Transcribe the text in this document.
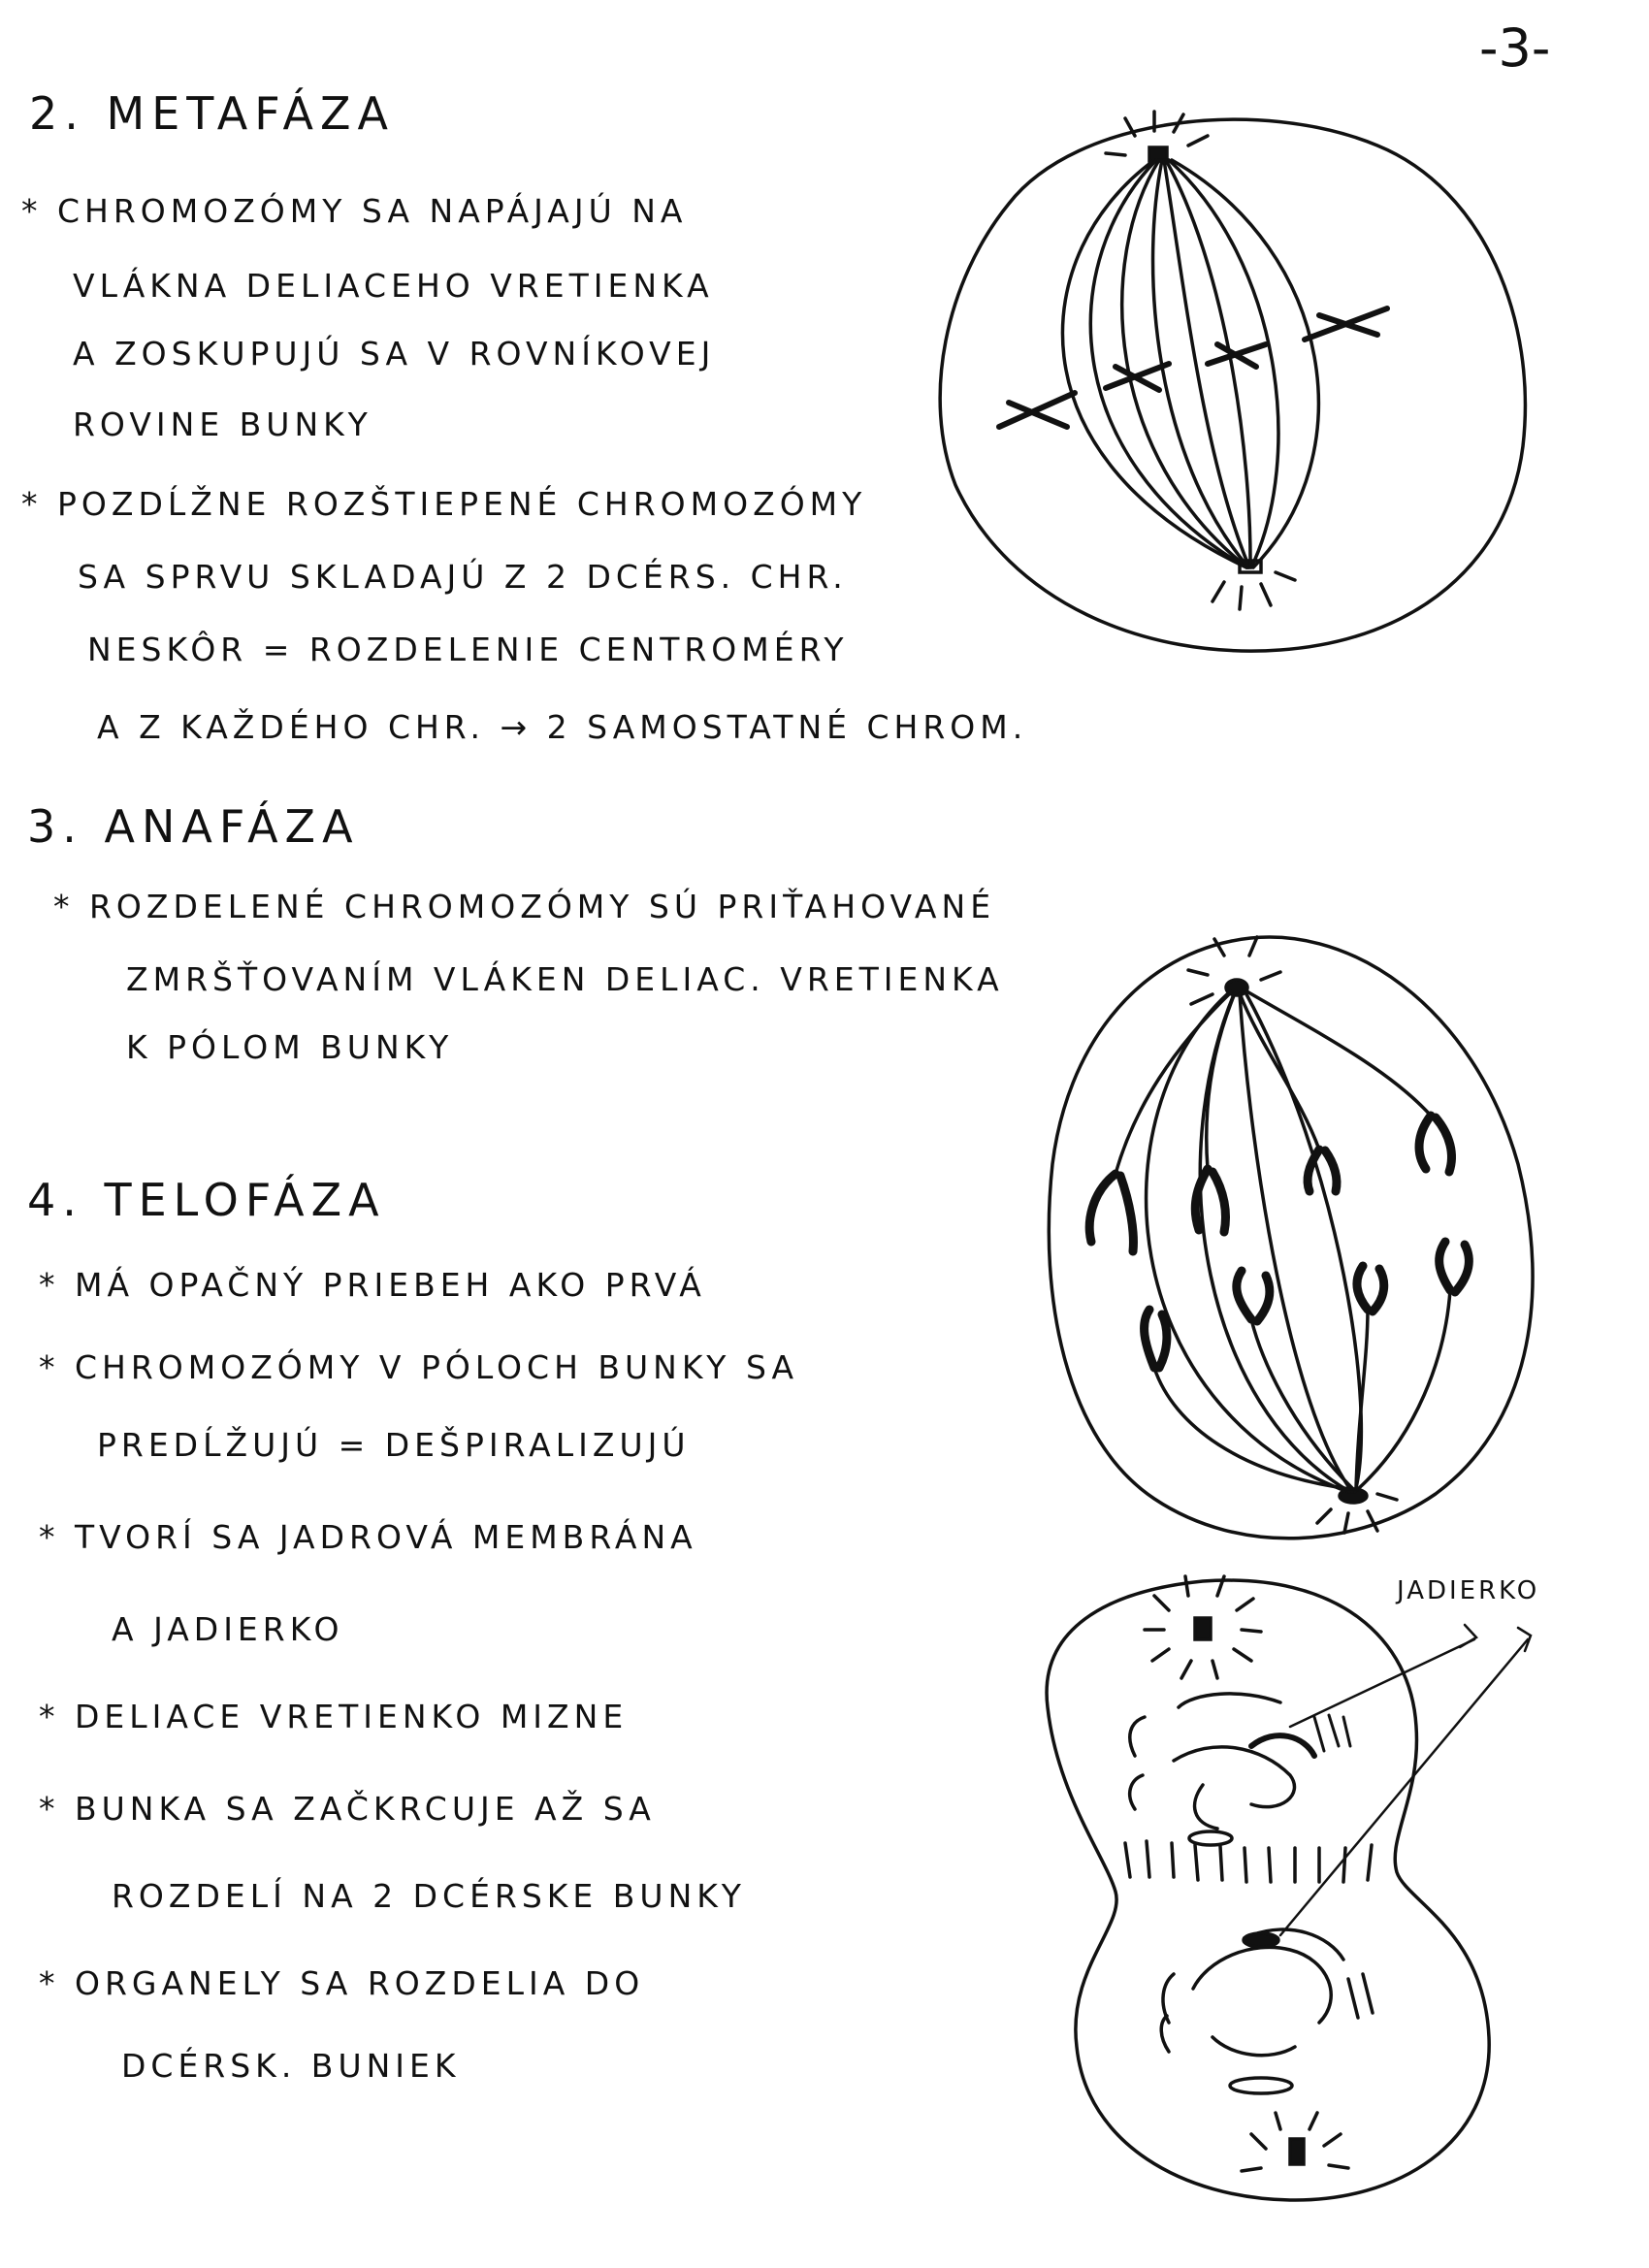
-3-
2. METAFÁZA
* CHROMOZÓMY SA NAPÁJAJÚ NA
VLÁKNA DELIACEHO VRETIENKA
A ZOSKUPUJÚ SA V ROVNÍKOVEJ
ROVINE BUNKY
* POZDĹŽNE ROZŠTIEPENÉ CHROMOZÓMY
SA SPRVU SKLADAJÚ Z 2 DCÉRS. CHR.
NESKÔR = ROZDELENIE CENTROMÉRY
A Z KAŽDÉHO CHR. → 2 SAMOSTATNÉ CHROM.
3. ANAFÁZA
* ROZDELENÉ CHROMOZÓMY SÚ PRIŤAHOVANÉ
ZMRŠŤOVANÍM VLÁKEN DELIAC. VRETIENKA
K PÓLOM BUNKY
4. TELOFÁZA
* MÁ OPAČNÝ PRIEBEH AKO PRVÁ
* CHROMOZÓMY V PÓLOCH BUNKY SA
PREDĹŽUJÚ = DEŠPIRALIZUJÚ
* TVORÍ SA JADROVÁ MEMBRÁNA
A JADIERKO
* DELIACE VRETIENKO MIZNE
* BUNKA SA ZAČKRCUJE AŽ SA
ROZDELÍ NA 2 DCÉRSKE BUNKY
* ORGANELY SA ROZDELIA DO
DCÉRSK. BUNIEK
JADIERKO
